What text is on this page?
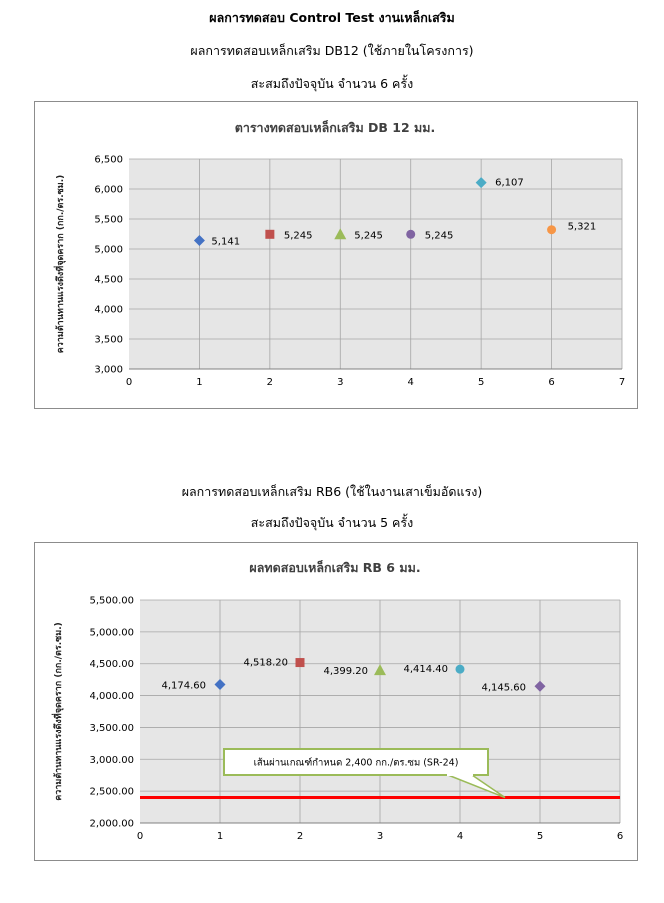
ผลการทดสอบ Control Test งานเหล็กเสริม
ผลการทดสอบเหล็กเสริม DB12 (ใช้ภายในโครงการ)
สะสมถึงปัจจุบัน จำนวน 6 ครั้ง
3,000
3,500
4,000
4,500
5,000
5,500
6,000
6,500
0	1	2	3	4	5	6	7
ตารางทดสอบเหล็กเสริม DB 12 มม.
ความต้านทานแรงดึงที่จุดคราก (กก./ตร.ซม.)	5,141
5,245	5,245	5,245
6,107
5,321
ผลการทดสอบเหล็กเสริม RB6 (ใช้ในงานเสาเข็มอัดแรง)
สะสมถึงปัจจุบัน จำนวน 5 ครั้ง
2,000.00
2,500.00
3,000.00
3,500.00
4,000.00
4,500.00
5,000.00
5,500.00
0	1	2	3	4	5	6
ผลทดสอบเหล็กเสริม RB 6 มม.
ความต้านทานแรงดึงที่จุดคราก (กก./ตร.ซม.)	4,174.60
4,518.20
4,399.20	4,414.40
4,145.60
เส้นผ่านเกณฑ์กำหนด 2,400 กก./ตร.ซม (SR-24)
